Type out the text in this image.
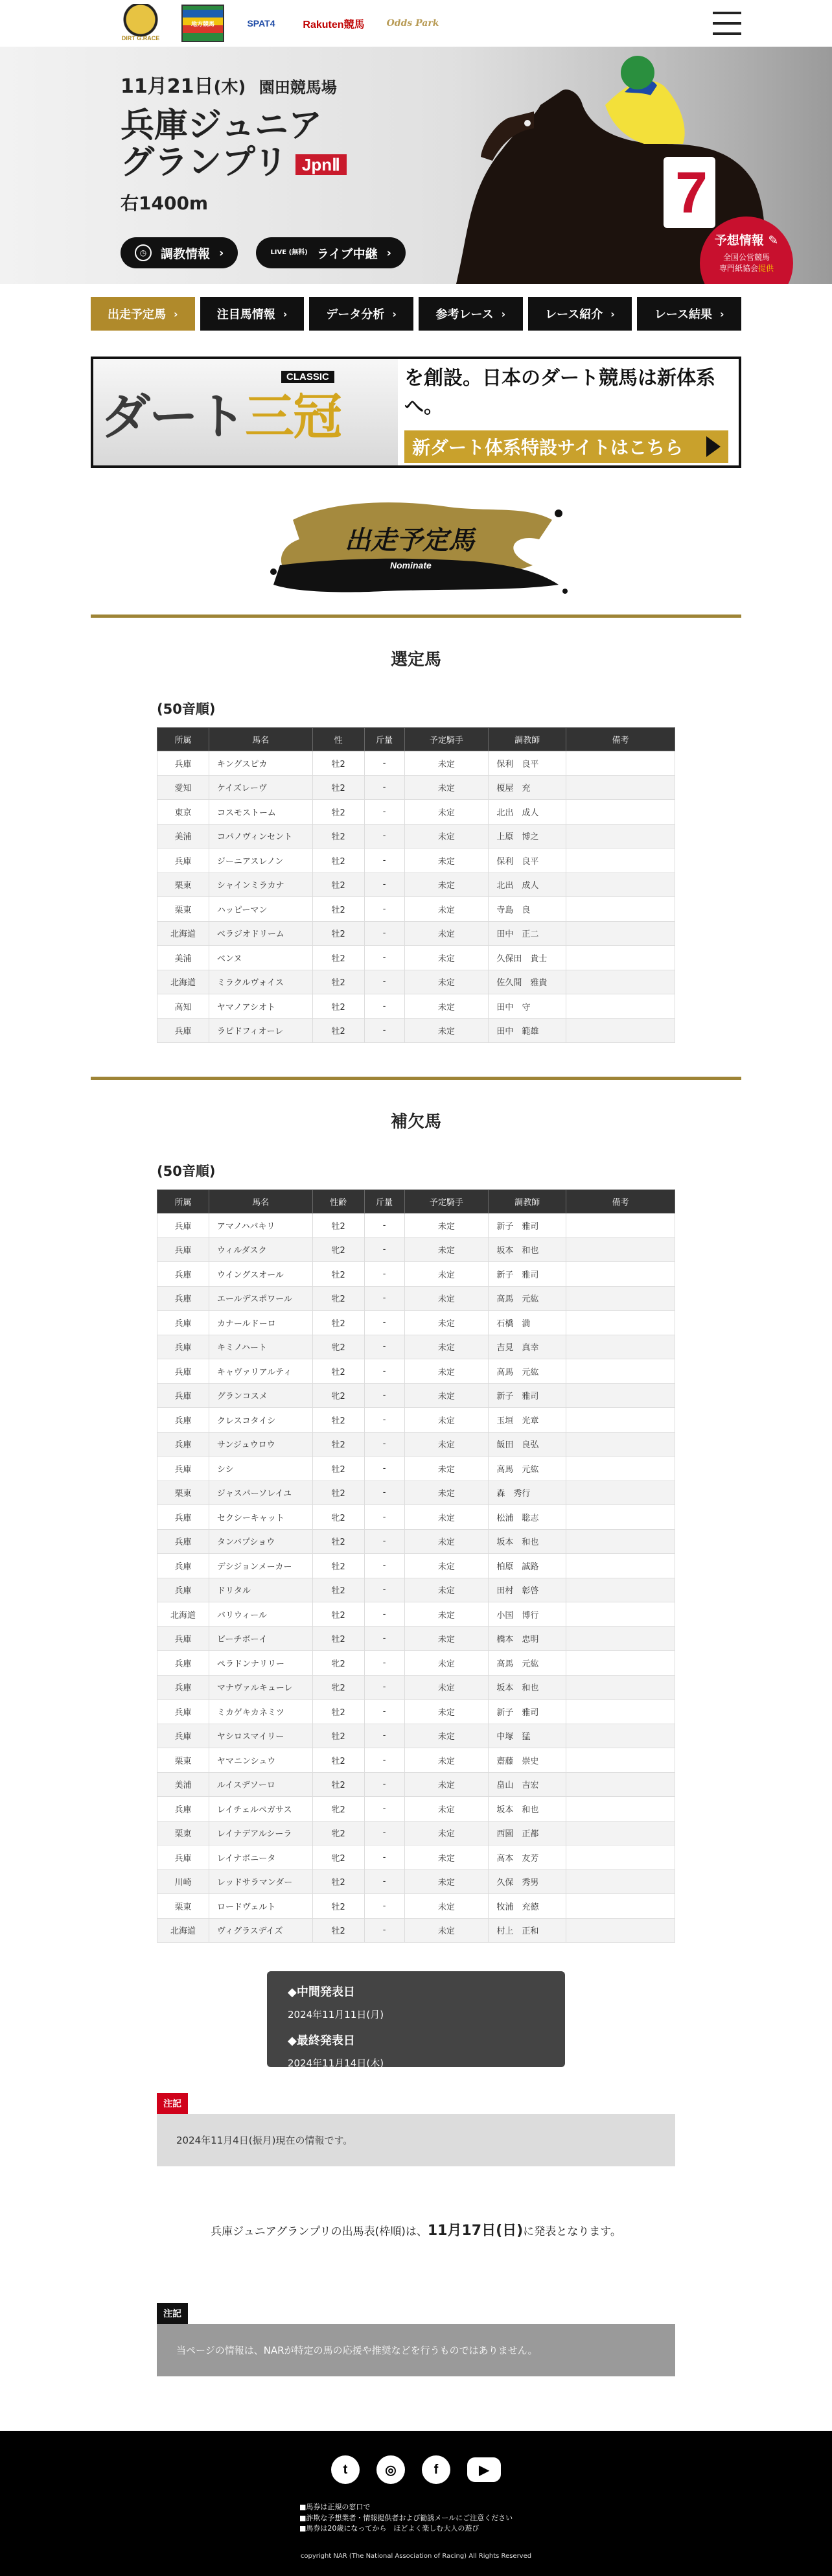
DIRT G.RACE
地方競馬	SPAT4	Rakuten競馬	Odds Park
7
11月21日(木) 園田競馬場
兵庫ジュニア
グランプリ JpnⅡ
右1400m
◷	調教情報 ›	LIVE (無料) ライブ中継 ›
予想情報 ✎
全国公営競馬
専門紙協会提供
出走予定馬 ›	注目馬情報 ›	データ分析 ›	参考レース ›	レース紹介 ›	レース結果 ›
CLASSIC
ダート三冠
を創設。日本のダート競馬は新体系へ。
新ダート体系特設サイトはこちら
出走予定馬
Nominate
選定馬
(50音順)
所属	馬名	性	斤量	予定騎手	調教師	備考
兵庫	キングスピカ	牡2	-	未定	保利　良平	
愛知	ケイズレーヴ	牡2	-	未定	榎屋　充	
東京	コスモストーム	牡2	-	未定	北出　成人	
美浦	コパノヴィンセント	牡2	-	未定	上原　博之	
兵庫	ジーニアスレノン	牡2	-	未定	保利　良平	
栗東	シャインミラカナ	牡2	-	未定	北出　成人	
栗東	ハッピーマン	牡2	-	未定	寺島　良	
北海道	ベラジオドリーム	牡2	-	未定	田中　正二	
美浦	ベンヌ	牡2	-	未定	久保田　貴士	
北海道	ミラクルヴォイス	牡2	-	未定	佐久間　雅貴	
高知	ヤマノアシオト	牡2	-	未定	田中　守	
兵庫	ラピドフィオーレ	牡2	-	未定	田中　範雄	
補欠馬
(50音順)
所属	馬名	性齢	斤量	予定騎手	調教師	備考
兵庫	アマノハバキリ	牡2	-	未定	新子　雅司	
兵庫	ウィルダスク	牝2	-	未定	坂本　和也	
兵庫	ウイングスオール	牡2	-	未定	新子　雅司	
兵庫	エールデスポワール	牝2	-	未定	高馬　元紘	
兵庫	カナールドーロ	牡2	-	未定	石橋　満	
兵庫	キミノハート	牝2	-	未定	吉見　真幸	
兵庫	キャヴァリアルティ	牡2	-	未定	高馬　元紘	
兵庫	グランコスメ	牝2	-	未定	新子　雅司	
兵庫	クレスコタイシ	牡2	-	未定	玉垣　光章	
兵庫	サンジュウロウ	牡2	-	未定	飯田　良弘	
兵庫	シシ	牡2	-	未定	高馬　元紘	
栗東	ジャスパーソレイユ	牡2	-	未定	森　秀行	
兵庫	セクシーキャット	牝2	-	未定	松浦　聡志	
兵庫	タンバプショウ	牡2	-	未定	坂本　和也	
兵庫	デシジョンメーカー	牡2	-	未定	柏原　誠路	
兵庫	ドリタル	牡2	-	未定	田村　彰啓	
北海道	バリウィール	牡2	-	未定	小国　博行	
兵庫	ビーチボーイ	牡2	-	未定	橋本　忠明	
兵庫	ペラドンナリリー	牝2	-	未定	高馬　元紘	
兵庫	マナヴァルキューレ	牝2	-	未定	坂本　和也	
兵庫	ミカゲキカネミツ	牡2	-	未定	新子　雅司	
兵庫	ヤシロスマイリー	牡2	-	未定	中塚　猛	
栗東	ヤマニンシュウ	牡2	-	未定	齋藤　崇史	
美浦	ルイスデソーロ	牡2	-	未定	畠山　吉宏	
兵庫	レイチェルペガサス	牝2	-	未定	坂本　和也	
栗東	レイナデアルシーラ	牝2	-	未定	西園　正都	
兵庫	レイナボニータ	牝2	-	未定	高本　友芳	
川崎	レッドサラマンダー	牡2	-	未定	久保　秀男	
栗東	ロードヴェルト	牡2	-	未定	牧浦　充徳	
北海道	ヴィグラスデイズ	牡2	-	未定	村上　正和	
◆中間発表日
2024年11月11日(月)
◆最終発表日
2024年11月14日(木)
注記
2024年11月4日(振月)現在の情報です。
兵庫ジュニアグランプリの出馬表(枠順)は、11月17日(日)に発表となります。
注記
当ページの情報は、NARが特定の馬の応援や推奨などを行うものではありません。
t	◎	f	▶
■馬券は正規の窓口で
■詐欺な予想業者・情報提供者および勧誘メールにご注意ください
■馬券は20歳になってから　ほどよく楽しむ大人の遊び
copyright NAR (The National Association of Racing) All Rights Reserved
